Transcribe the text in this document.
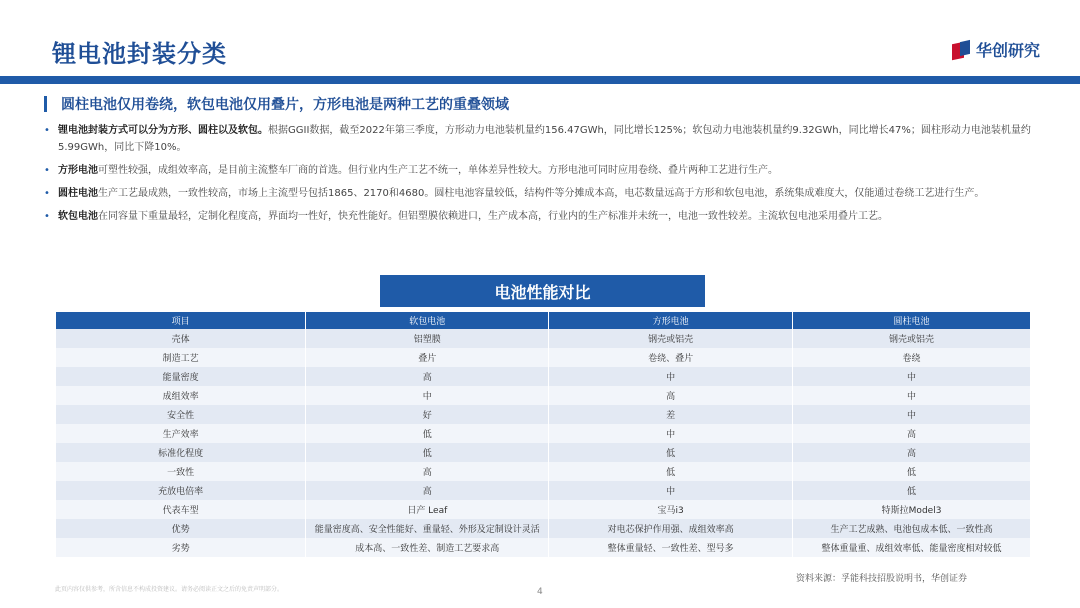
锂电池封装分类	华创研究
圆柱电池仅用卷绕，软包电池仅用叠片，方形电池是两种工艺的重叠领域
• 锂电池封装方式可以分为方形、圆柱以及软包。根据GGII数据，截至2022年第三季度，方形动力电池装机量约156.47GWh，同比增长125%；软包动力电池装机量约9.32GWh，同比增长47%；圆柱形动力电池装机量约5.99GWh，同比下降10%。
• 方形电池可塑性较强，成组效率高，是目前主流整车厂商的首选。但行业内生产工艺不统一，单体差异性较大。方形电池可同时应用卷绕、叠片两种工艺进行生产。
• 圆柱电池生产工艺最成熟，一致性较高，市场上主流型号包括1865、2170和4680。圆柱电池容量较低，结构件等分摊成本高，电芯数量远高于方形和软包电池，系统集成难度大，仅能通过卷绕工艺进行生产。
• 软包电池在同容量下重量最轻，定制化程度高，界面均一性好，快充性能好。但铝塑膜依赖进口，生产成本高，行业内的生产标准并未统一，电池一致性较差。主流软包电池采用叠片工艺。
电池性能对比
项目	软包电池	方形电池	圆柱电池
壳体	铝塑膜	钢壳或铝壳	钢壳或铝壳
制造工艺	叠片	卷绕、叠片	卷绕
能量密度	高	中	中
成组效率	中	高	中
安全性	好	差	中
生产效率	低	中	高
标准化程度	低	低	高
一致性	高	低	低
充放电倍率	高	中	低
代表车型	日产 Leaf	宝马i3	特斯拉Model3
优势	能量密度高、安全性能好、重量轻、外形及定制设计灵活	对电芯保护作用强、成组效率高	生产工艺成熟、电池包成本低、一致性高
劣势	成本高、一致性差、制造工艺要求高	整体重量轻、一致性差、型号多	整体重量重、成组效率低、能量密度相对较低
此页内容仅供参考，所含信息不构成投资建议。请务必阅读正文之后的免责声明部分。	4
资料来源：孚能科技招股说明书，华创证券
